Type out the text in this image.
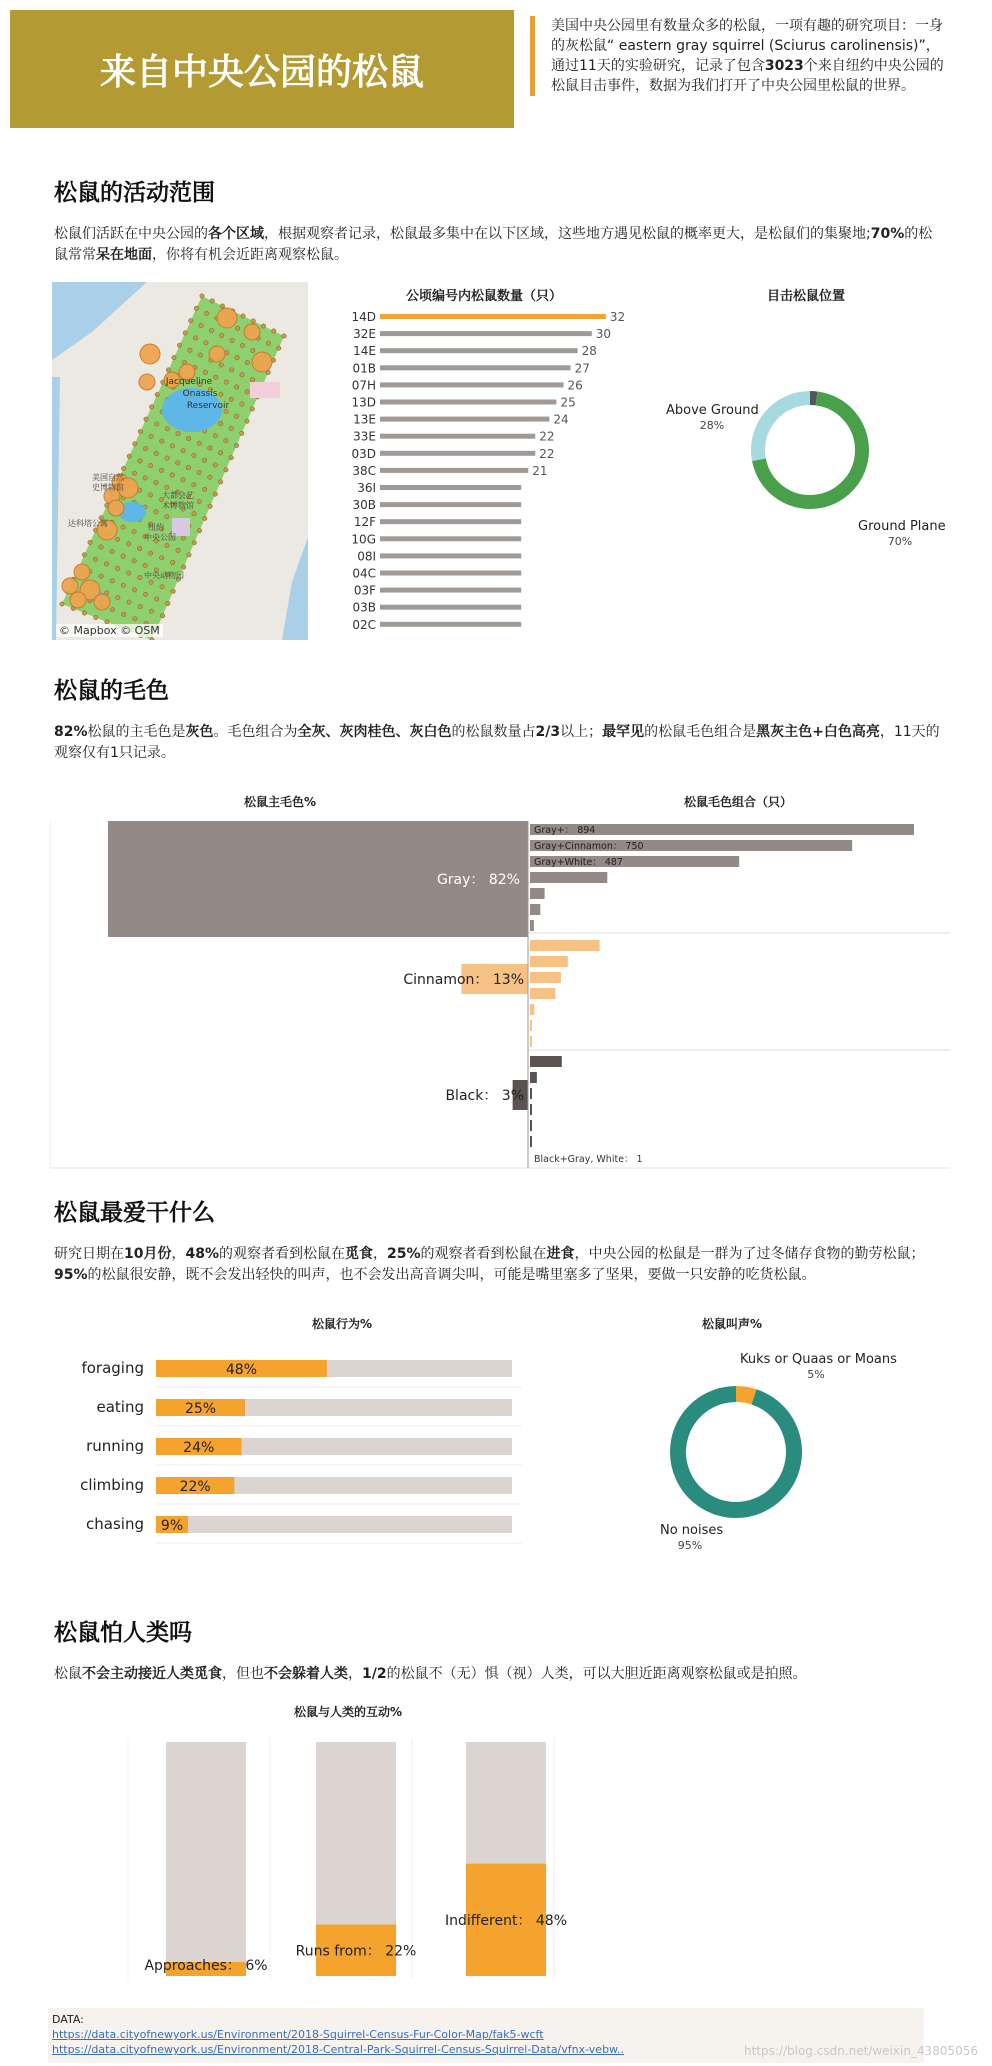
来自中央公园的松鼠
美国中央公园里有数量众多的松鼠，一项有趣的研究项目：一身的灰松鼠“ eastern gray squirrel (Sciurus carolinensis)”，通过11天的实验研究，记录了包含3023个来自纽约中央公园的松鼠目击事件，数据为我们打开了中央公园里松鼠的世界。
松鼠的活动范围
松鼠们活跃在中央公园的各个区域，根据观察者记录，松鼠最多集中在以下区域，这些地方遇见松鼠的概率更大，是松鼠们的集聚地;70%的松鼠常常呆在地面，你将有机会近距离观察松鼠。
Jacqueline
Onassis
Reservoir
美国自然
史博物馆
大都会艺
术博物馆
纽约
中央公园
中央动物园
达科塔公寓
© Mapbox © OSM
公顷编号内松鼠数量（只）
14D	32
32E	30
14E	28
01B	27
07H	26
13D	25
13E	24
33E	22
03D	22
38C	21
36I
30B
12F
10G
08I
04C
03F
03B
02C
目击松鼠位置
Ground Plane
70%
Above Ground
28%
松鼠的毛色
82%松鼠的主毛色是灰色。毛色组合为全灰、灰肉桂色、灰白色的松鼠数量占2/3以上；最罕见的松鼠毛色组合是黑灰主色+白色高亮，11天的观察仅有1只记录。
松鼠主毛色%	松鼠毛色组合（只）
Gray： 82%
Cinnamon： 13%
Black： 3%
Gray+： 894
Gray+Cinnamon： 750
Gray+White： 487
Black+Gray, White： 1
松鼠最爱干什么
研究日期在10月份，48%的观察者看到松鼠在觅食，25%的观察者看到松鼠在进食，中央公园的松鼠是一群为了过冬储存食物的勤劳松鼠；95%的松鼠很安静，既不会发出轻快的叫声，也不会发出高音调尖叫，可能是嘴里塞多了坚果，要做一只安静的吃货松鼠。
松鼠行为%
foraging	48%
eating	25%
running	24%
climbing	22%
chasing 9%
松鼠叫声%
Kuks or Quaas or Moans
5%
No noises
95%
松鼠怕人类吗
松鼠不会主动接近人类觅食，但也不会躲着人类，1/2的松鼠不（无）惧（视）人类，可以大胆近距离观察松鼠或是拍照。
松鼠与人类的互动%
Approaches： 6%
Runs from： 22%
Indifferent： 48%
DATA:
https://data.cityofnewyork.us/Environment/2018-Squirrel-Census-Fur-Color-Map/fak5-wcft
https://data.cityofnewyork.us/Environment/2018-Central-Park-Squirrel-Census-Squirrel-Data/vfnx-vebw..	https://blog.csdn.net/weixin_43805056
